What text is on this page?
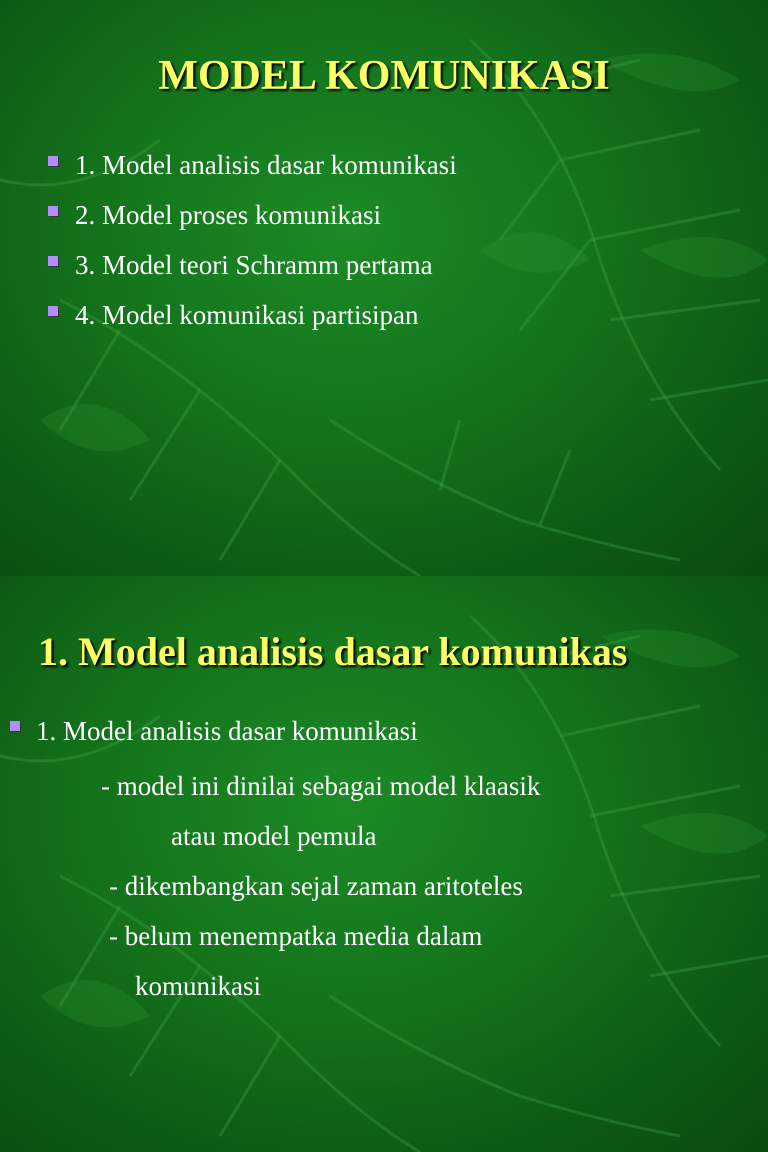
MODEL KOMUNIKASI
1. Model analisis dasar komunikasi
2. Model proses komunikasi
3. Model teori Schramm pertama
4. Model komunikasi partisipan
1. Model analisis dasar komunikas
1. Model analisis dasar komunikasi

- model ini dinilai sebagai model klaasik

atau model pemula

- dikembangkan sejal zaman aritoteles

- belum menempatka media dalam

komunikasi
